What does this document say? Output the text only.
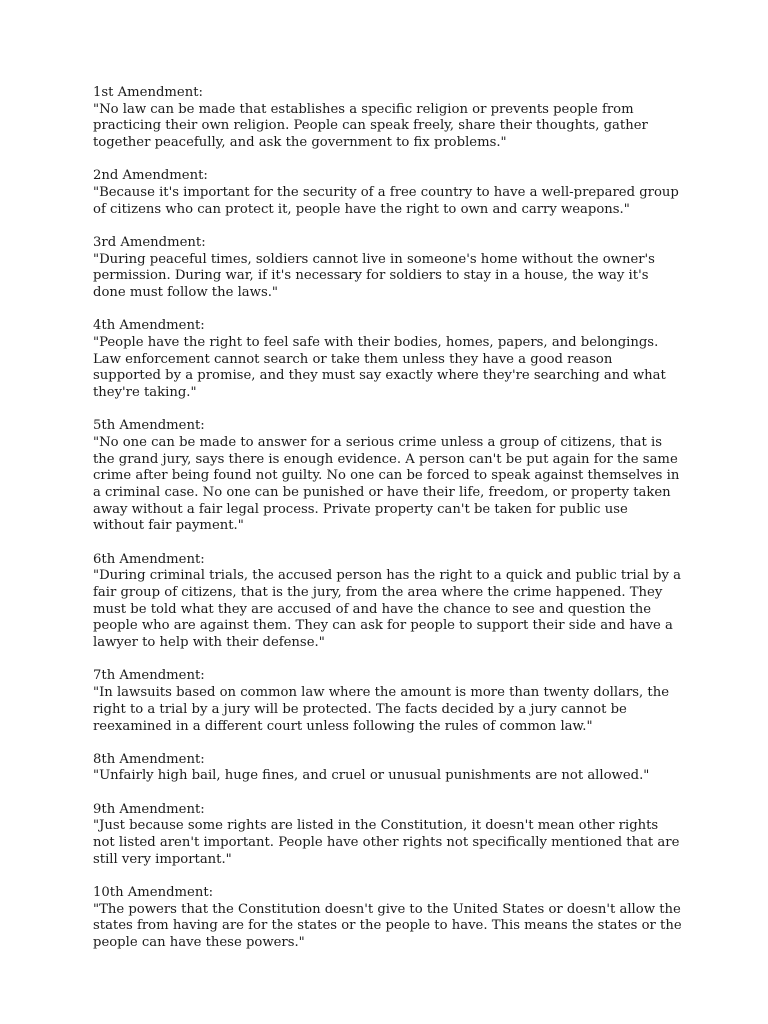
1st Amendment:
"No law can be made that establishes a specific religion or prevents people from practicing their own religion. People can speak freely, share their thoughts, gather together peacefully, and ask the government to fix problems."
2nd Amendment:
"Because it's important for the security of a free country to have a well-prepared group of citizens who can protect it, people have the right to own and carry weapons."
3rd Amendment:
"During peaceful times, soldiers cannot live in someone's home without the owner's permission. During war, if it's necessary for soldiers to stay in a house, the way it's done must follow the laws."
4th Amendment:
"People have the right to feel safe with their bodies, homes, papers, and belongings. Law enforcement cannot search or take them unless they have a good reason supported by a promise, and they must say exactly where they're searching and what they're taking."
5th Amendment:
"No one can be made to answer for a serious crime unless a group of citizens, that is the grand jury, says there is enough evidence. A person can't be put again for the same crime after being found not guilty. No one can be forced to speak against themselves in a criminal case. No one can be punished or have their life, freedom, or property taken away without a fair legal process. Private property can't be taken for public use without fair payment."
6th Amendment:
"During criminal trials, the accused person has the right to a quick and public trial by a fair group of citizens, that is the jury, from the area where the crime happened. They must be told what they are accused of and have the chance to see and question the people who are against them. They can ask for people to support their side and have a lawyer to help with their defense."
7th Amendment:
"In lawsuits based on common law where the amount is more than twenty dollars, the right to a trial by a jury will be protected. The facts decided by a jury cannot be reexamined in a different court unless following the rules of common law."
8th Amendment:
"Unfairly high bail, huge fines, and cruel or unusual punishments are not allowed."
9th Amendment:
"Just because some rights are listed in the Constitution, it doesn't mean other rights not listed aren't important. People have other rights not specifically mentioned that are still very important."
10th Amendment:
"The powers that the Constitution doesn't give to the United States or doesn't allow the states from having are for the states or the people to have. This means the states or the people can have these powers."
